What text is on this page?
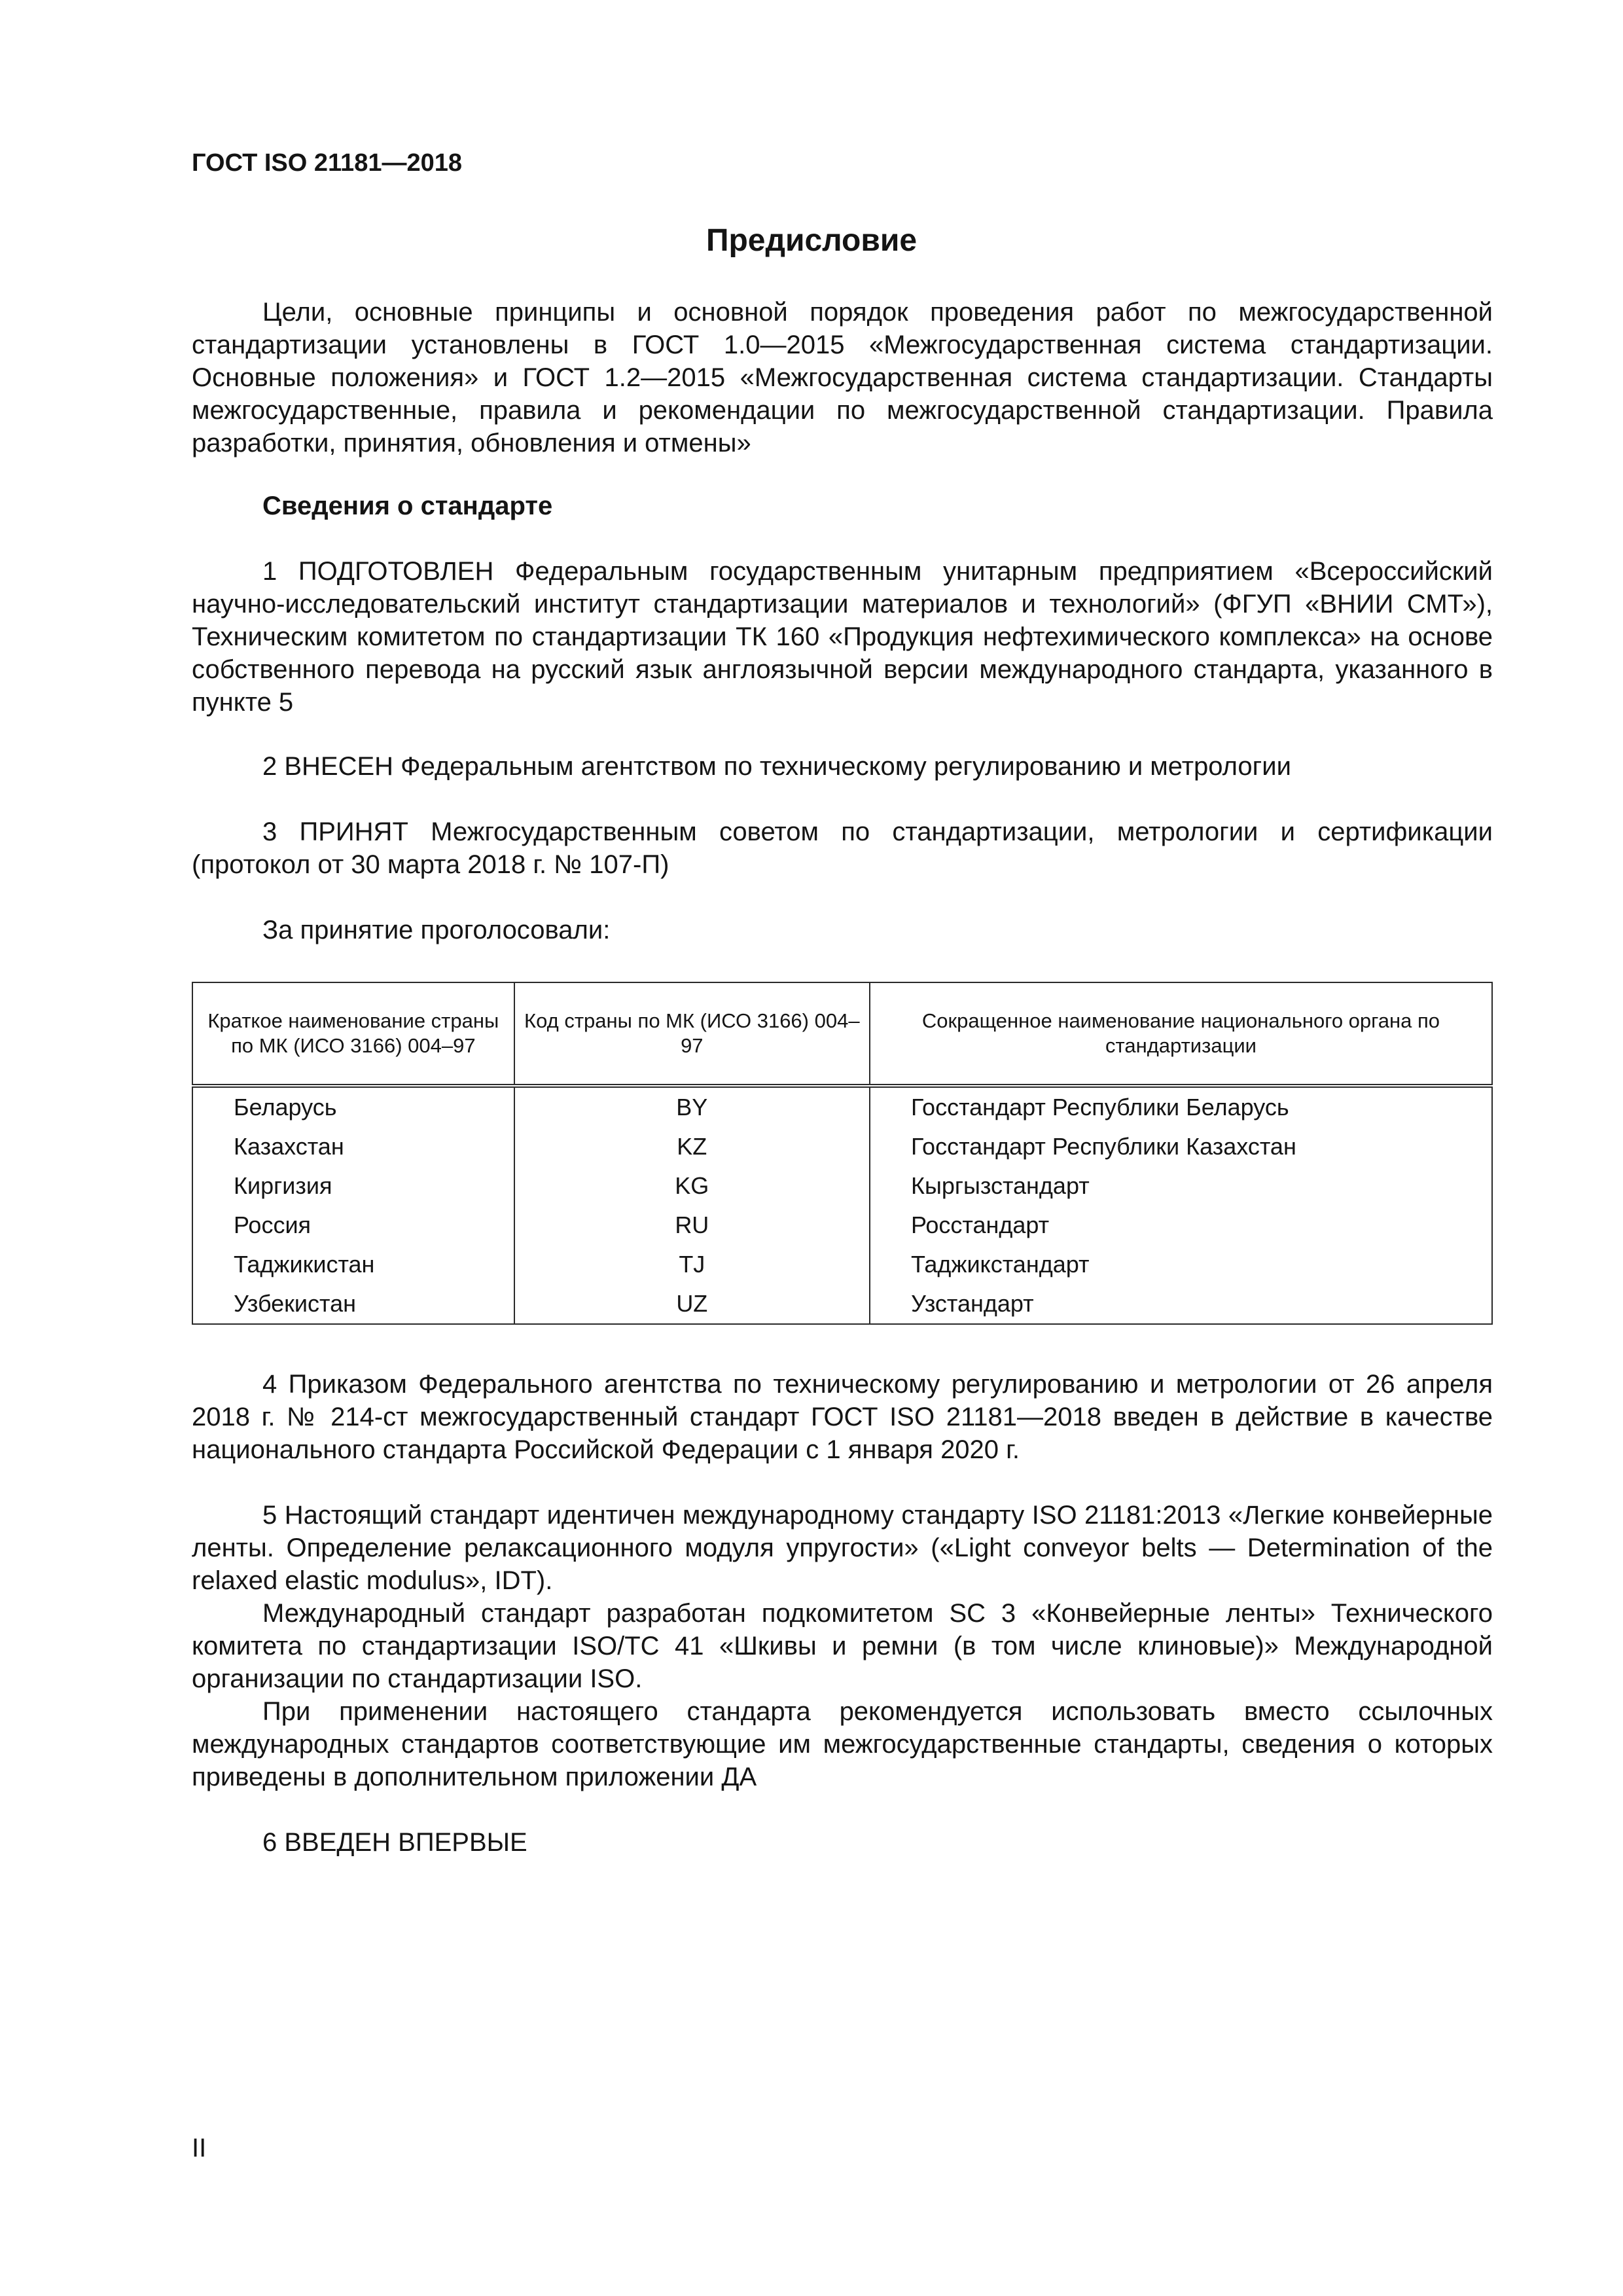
ГОСТ ISO 21181—2018
Предисловие

Цели, основные принципы и основной порядок проведения работ по межгосударственной стандартизации установлены в ГОСТ 1.0—2015 «Межгосударственная система стандартизации. Основные положения» и ГОСТ 1.2—2015 «Межгосударственная система стандартизации. Стандарты межгосударственные, правила и рекомендации по межгосударственной стандартизации. Правила разработки, принятия, обновления и отмены»

Сведения о стандарте

1 ПОДГОТОВЛЕН Федеральным государственным унитарным предприятием «Всероссийский научно-исследовательский институт стандартизации материалов и технологий» (ФГУП «ВНИИ СМТ»), Техническим комитетом по стандартизации ТК 160 «Продукция нефтехимического комплекса» на основе собственного перевода на русский язык англоязычной версии международного стандарта, указанного в пункте 5

2 ВНЕСЕН Федеральным агентством по техническому регулированию и метрологии

3 ПРИНЯТ Межгосударственным советом по стандартизации, метрологии и сертификации (протокол от 30 марта 2018 г. № 107-П)

За принятие проголосовали:
Краткое наименование страны по МК (ИСО 3166) 004–97	Код страны по МК (ИСО 3166) 004–97	Сокращенное наименование национального органа по стандартизации
Беларусь	BY	Госстандарт Республики Беларусь
Казахстан	KZ	Госстандарт Республики Казахстан
Киргизия	KG	Кыргызстандарт
Россия	RU	Росстандарт
Таджикистан	TJ	Таджикстандарт
Узбекистан	UZ	Узстандарт

4 Приказом Федерального агентства по техническому регулированию и метрологии от 26 апреля 2018 г. № 214-ст межгосударственный стандарт ГОСТ ISO 21181—2018 введен в действие в качестве национального стандарта Российской Федерации с 1 января 2020 г.

5 Настоящий стандарт идентичен международному стандарту ISO 21181:2013 «Легкие конвейерные ленты. Определение релаксационного модуля упругости» («Light conveyor belts — Determination of the relaxed elastic modulus», IDT).

Международный стандарт разработан подкомитетом SC 3 «Конвейерные ленты» Технического комитета по стандартизации ISO/TC 41 «Шкивы и ремни (в том числе клиновые)» Международной организации по стандартизации ISO.

При применении настоящего стандарта рекомендуется использовать вместо ссылочных международных стандартов соответствующие им межгосударственные стандарты, сведения о которых приведены в дополнительном приложении ДА

6 ВВЕДЕН ВПЕРВЫЕ
II
